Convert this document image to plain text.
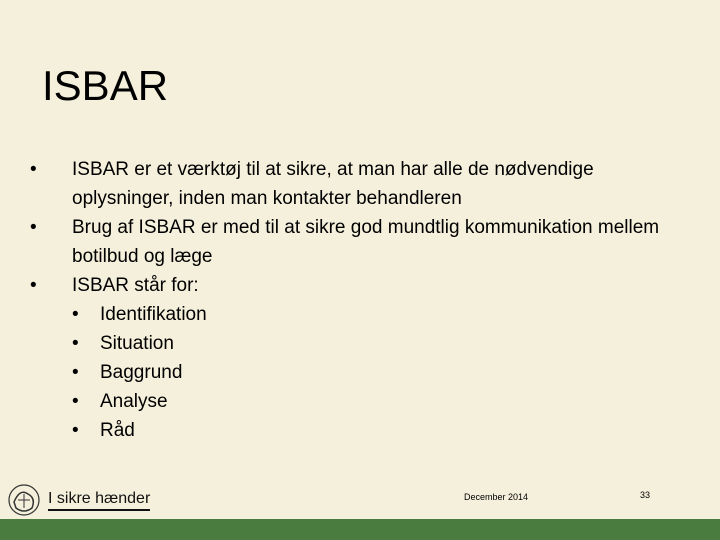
ISBAR
• ISBAR er et værktøj til at sikre, at man har alle de nødvendige oplysninger, inden man kontakter behandleren
• Brug af ISBAR er med til at sikre god mundtlig kommunikation mellem botilbud og læge
• ISBAR står for:
• Identifikation
• Situation
• Baggrund
• Analyse
• Råd
I sikre hænder	December 2014	33
